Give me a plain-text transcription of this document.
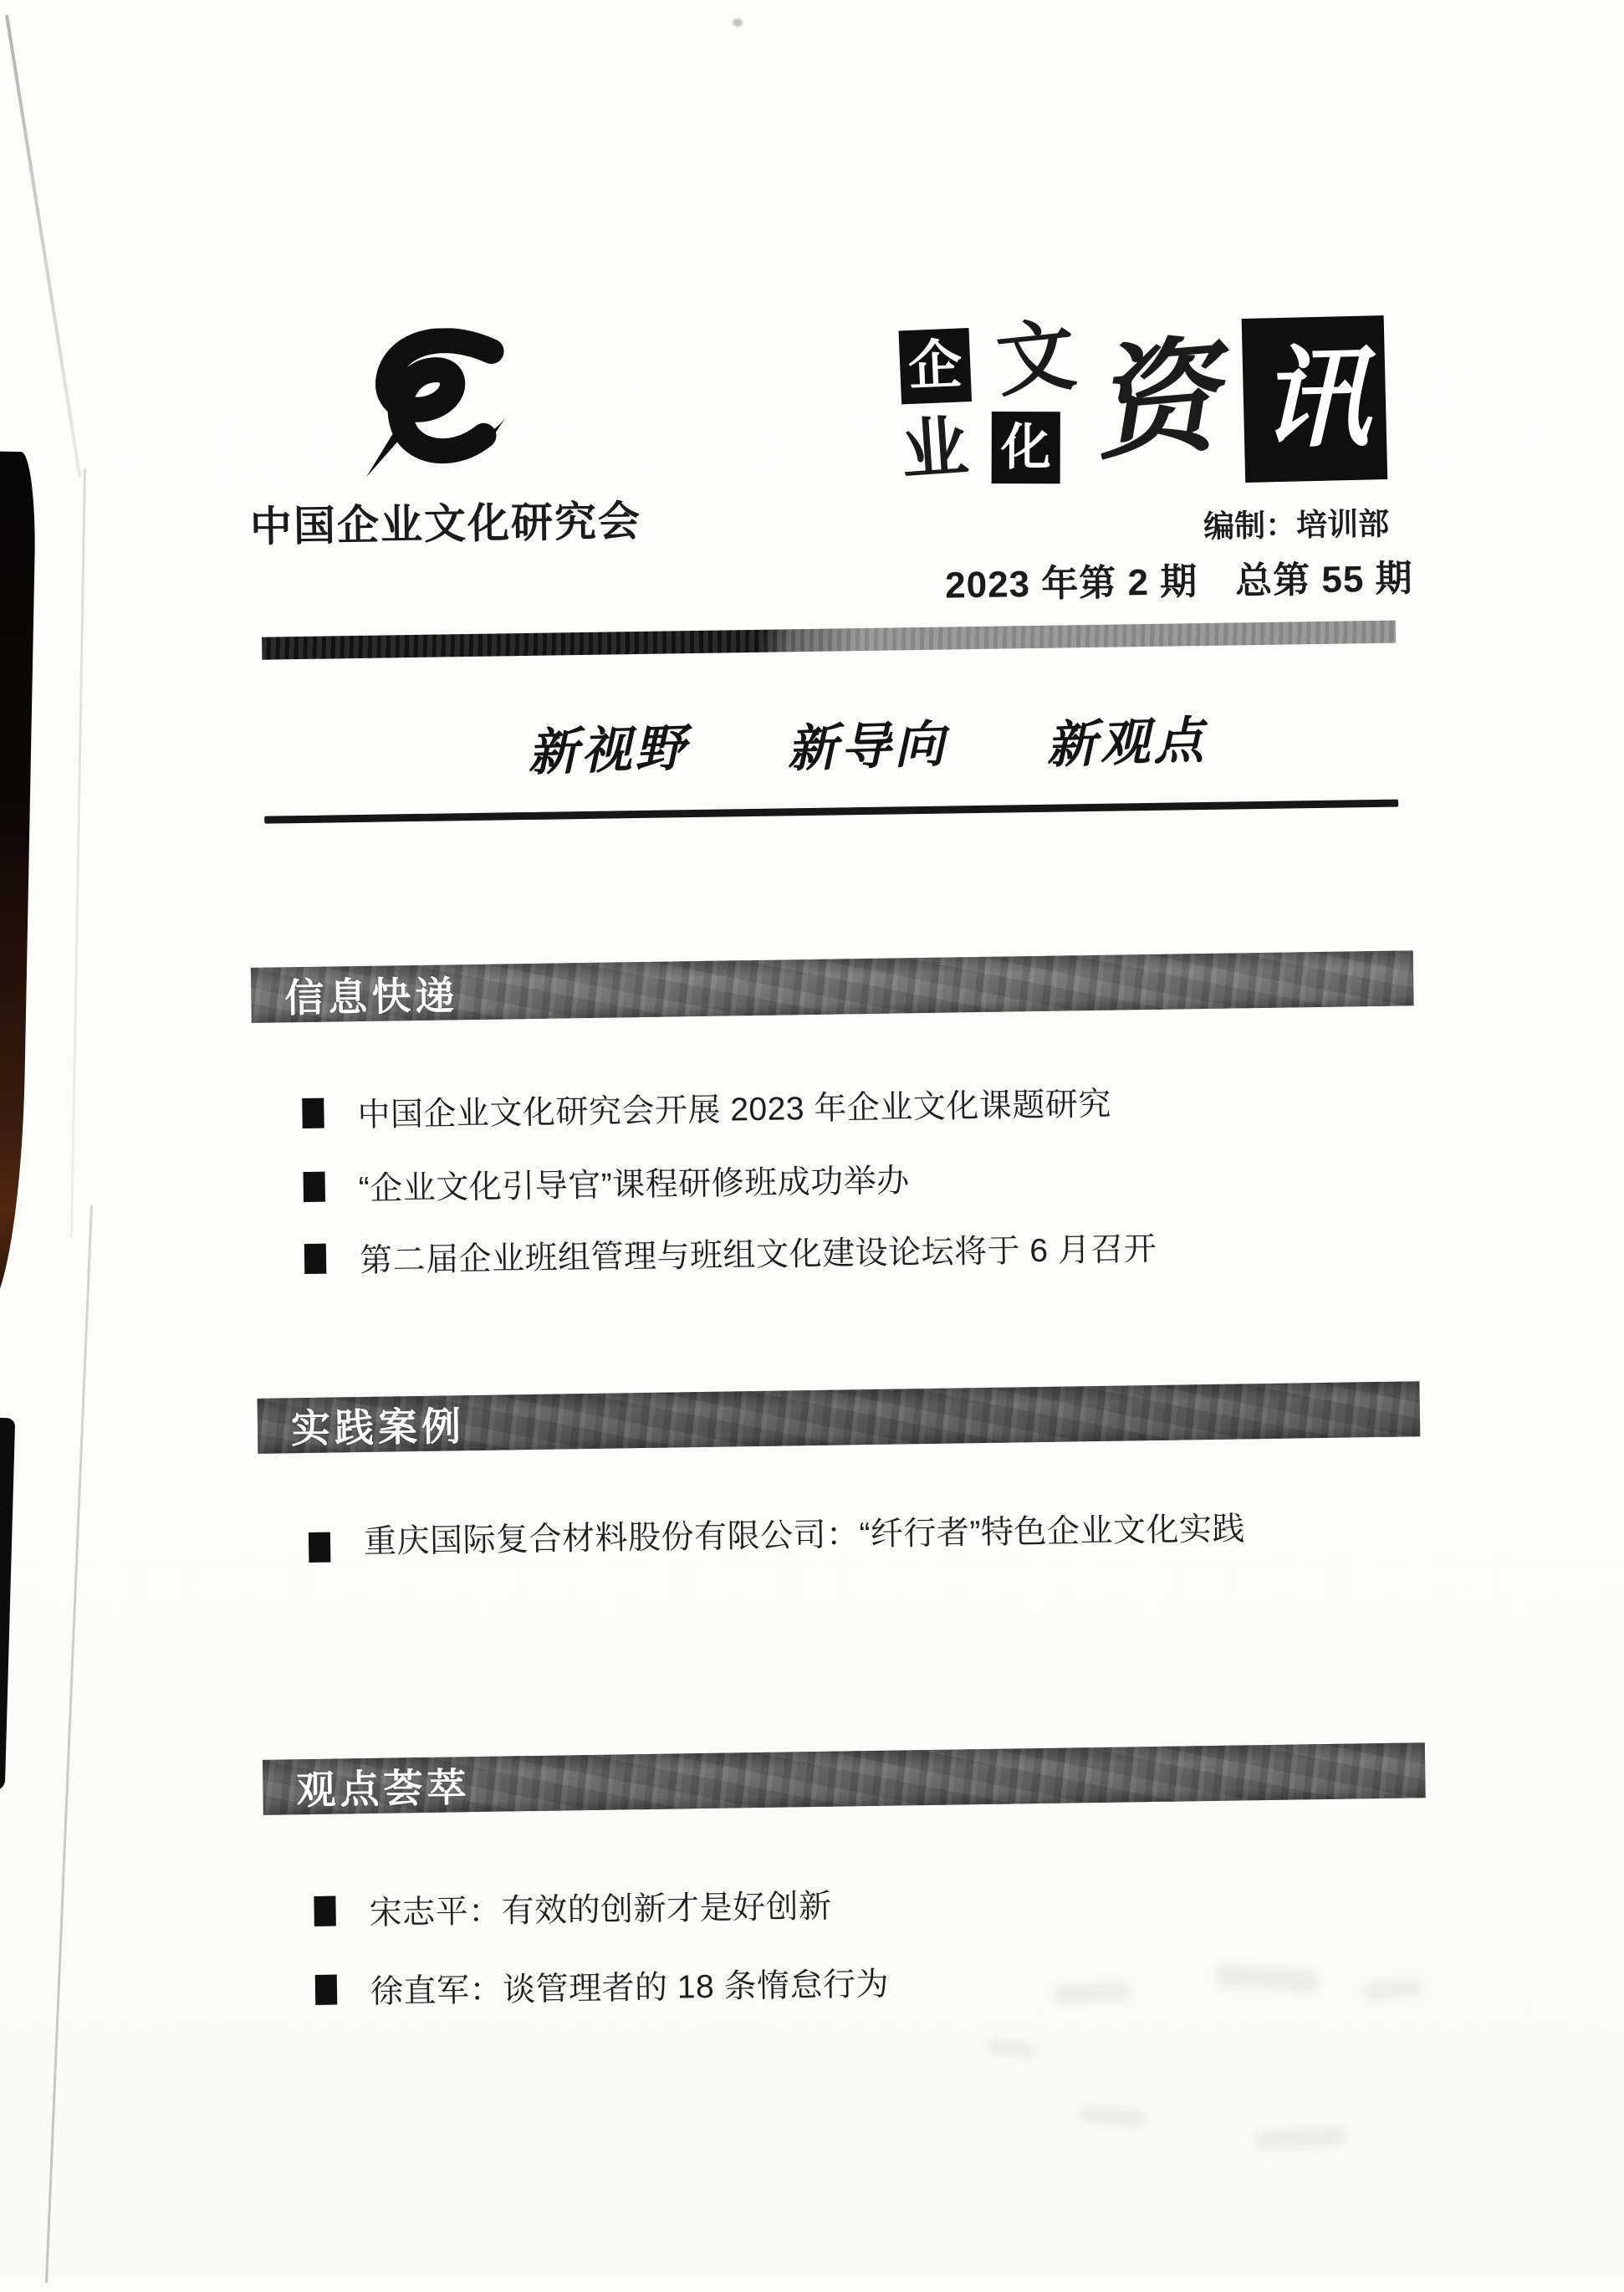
中国企业文化研究会
企 文
业 化 资 讯
编制：培训部
2023 年第 2 期　总第 55 期
新视野 新导向 新观点
信息快递
中国企业文化研究会开展 2023 年企业文化课题研究
“企业文化引导官”课程研修班成功举办
第二届企业班组管理与班组文化建设论坛将于 6 月召开
实践案例
重庆国际复合材料股份有限公司：“纤行者”特色企业文化实践
观点荟萃
宋志平：有效的创新才是好创新
徐直军：谈管理者的 18 条惰怠行为
